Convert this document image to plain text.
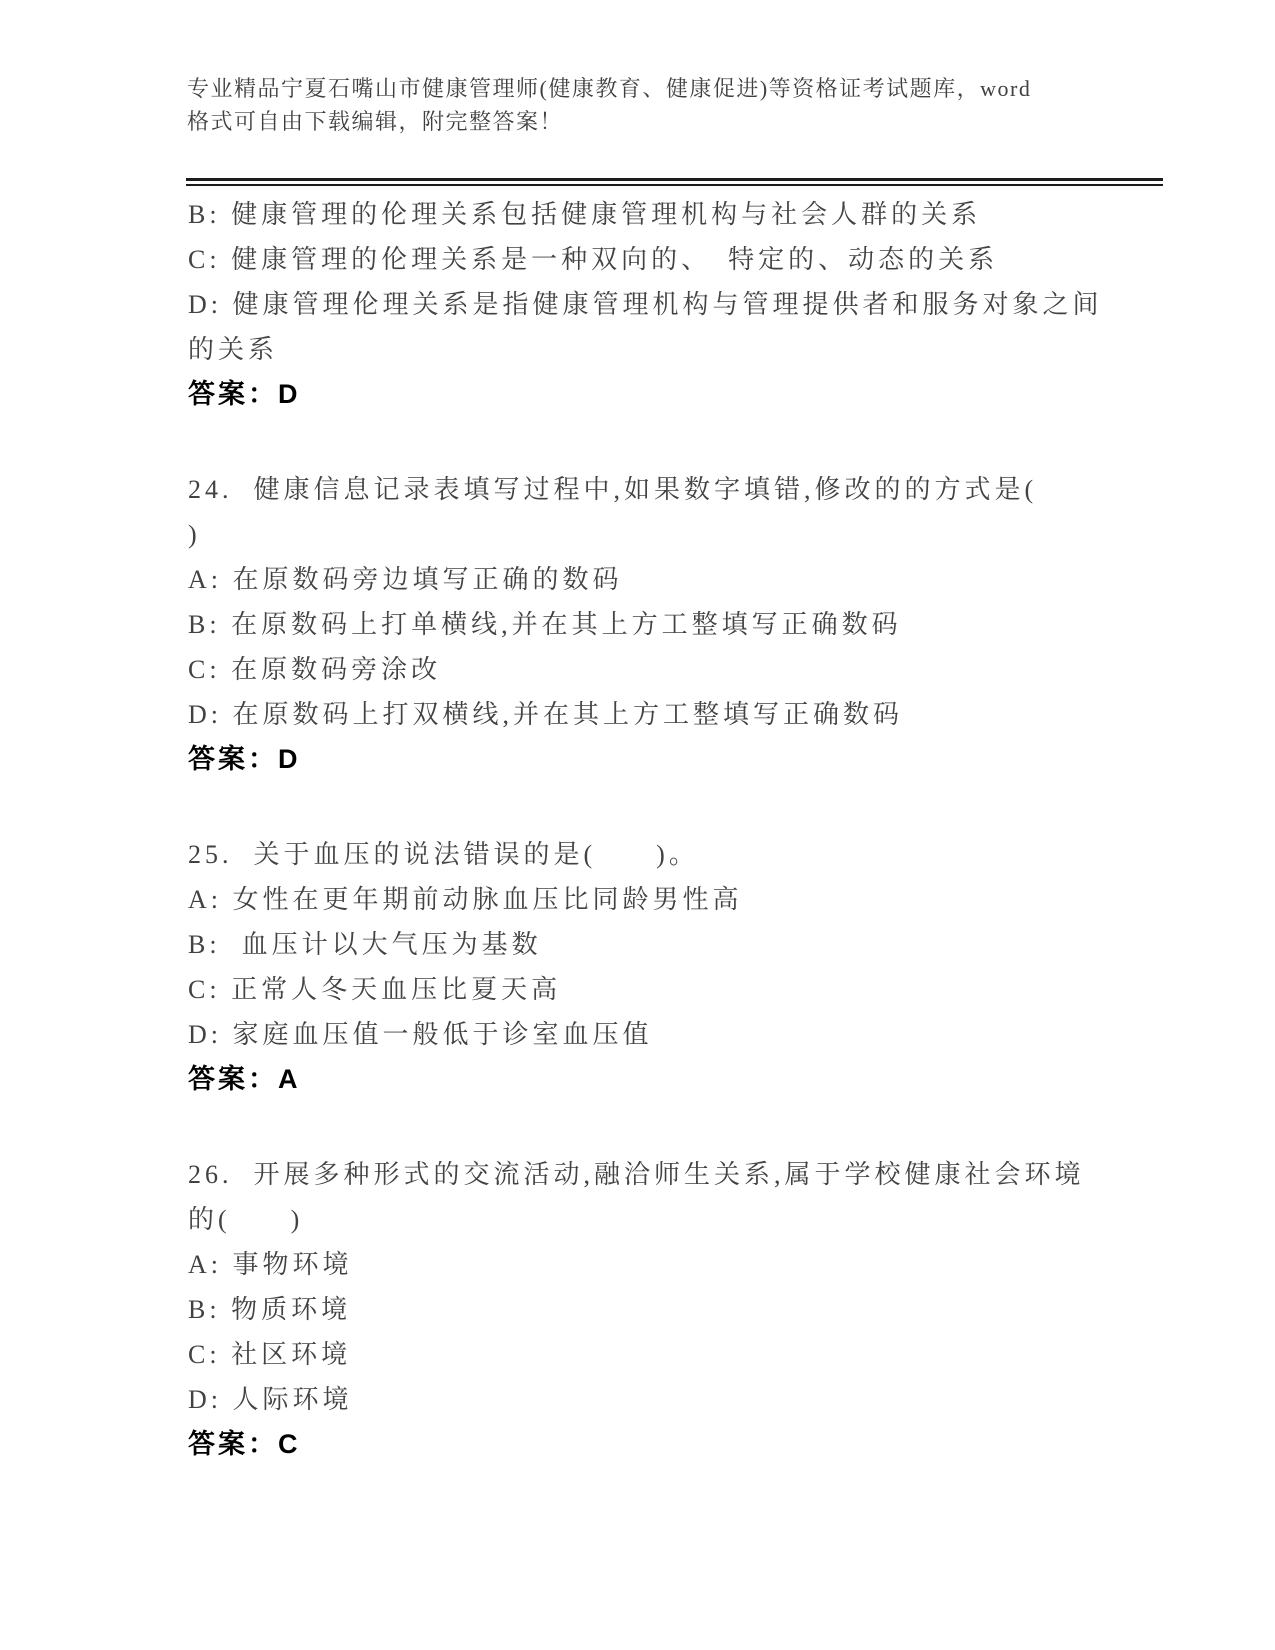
专业精品宁夏石嘴山市健康管理师(健康教育、健康促进)等资格证考试题库，word
格式可自由下载编辑，附完整答案！
B: 健康管理的伦理关系包括健康管理机构与社会人群的关系
C: 健康管理的伦理关系是一种双向的、　特定的、动态的关系
D: 健康管理伦理关系是指健康管理机构与管理提供者和服务对象之间
的关系
答案：D
24.  健康信息记录表填写过程中,如果数字填错,修改的的方式是(
)
A: 在原数码旁边填写正确的数码
B: 在原数码上打单横线,并在其上方工整填写正确数码
C: 在原数码旁涂改
D: 在原数码上打双横线,并在其上方工整填写正确数码
答案：D
25.  关于血压的说法错误的是(　　)。
A: 女性在更年期前动脉血压比同龄男性高
B:  血压计以大气压为基数
C: 正常人冬天血压比夏天高
D: 家庭血压值一般低于诊室血压值
答案：A
26.  开展多种形式的交流活动,融洽师生关系,属于学校健康社会环境
的(　　)
A: 事物环境
B: 物质环境
C: 社区环境
D: 人际环境
答案：C
